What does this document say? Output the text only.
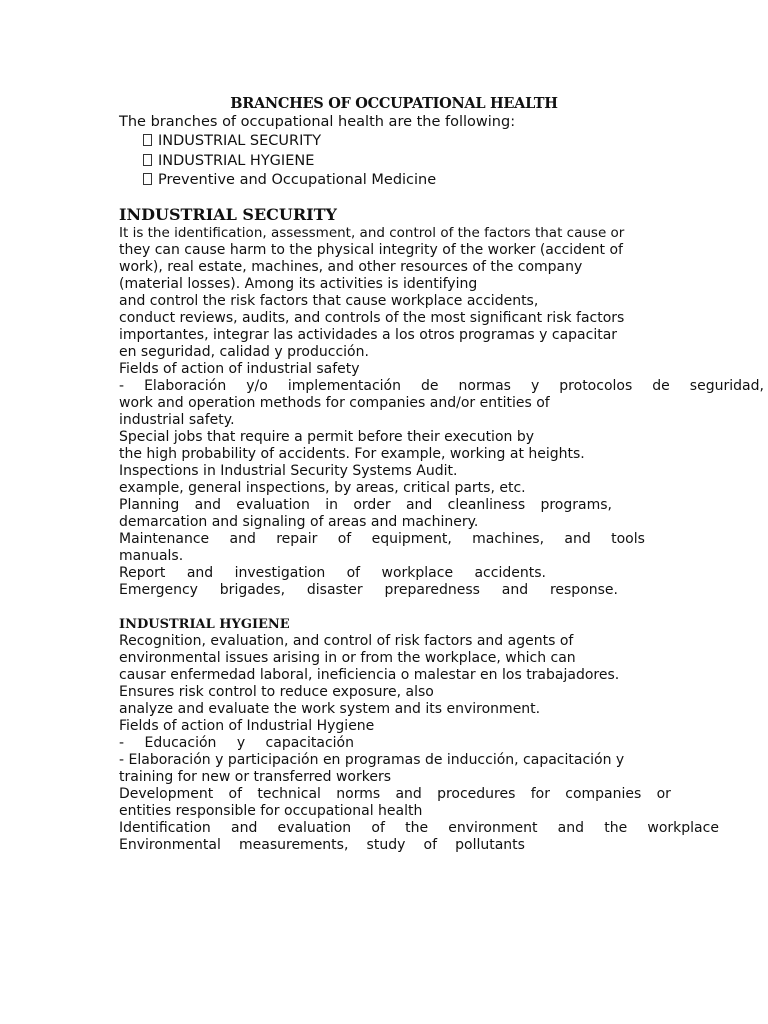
BRANCHES OF OCCUPATIONAL HEALTH

The branches of occupational health are the following:

INDUSTRIAL SECURITY
INDUSTRIAL HYGIENE
Preventive and Occupational Medicine
INDUSTRIAL SECURITY

It is the identification, assessment, and control of the factors that cause or

they can cause harm to the physical integrity of the worker (accident of

work), real estate, machines, and other resources of the company

(material losses). Among its activities is identifying

and control the risk factors that cause workplace accidents,

conduct reviews, audits, and controls of the most significant risk factors

importantes, integrar las actividades a los otros programas y capacitar

en seguridad, calidad y producción.

Fields of action of industrial safety

- Elaboración y/o implementación de normas y protocolos de seguridad,

work and operation methods for companies and/or entities of

industrial safety.

Special jobs that require a permit before their execution by

the high probability of accidents. For example, working at heights.

Inspections in Industrial Security Systems Audit.

example, general inspections, by areas, critical parts, etc.

Planning and evaluation in order and cleanliness programs,

demarcation and signaling of areas and machinery.

Maintenance and repair of equipment, machines, and tools

manuals.

Report and investigation of workplace accidents.

Emergency brigades, disaster preparedness and response.

INDUSTRIAL HYGIENE

Recognition, evaluation, and control of risk factors and agents of

environmental issues arising in or from the workplace, which can

causar enfermedad laboral, ineficiencia o malestar en los trabajadores.

Ensures risk control to reduce exposure, also

analyze and evaluate the work system and its environment.

Fields of action of Industrial Hygiene

- Educación y capacitación

- Elaboración y participación en programas de inducción, capacitación y

training for new or transferred workers

Development of technical norms and procedures for companies or

entities responsible for occupational health

Identification and evaluation of the environment and the workplace

Environmental measurements, study of pollutants
